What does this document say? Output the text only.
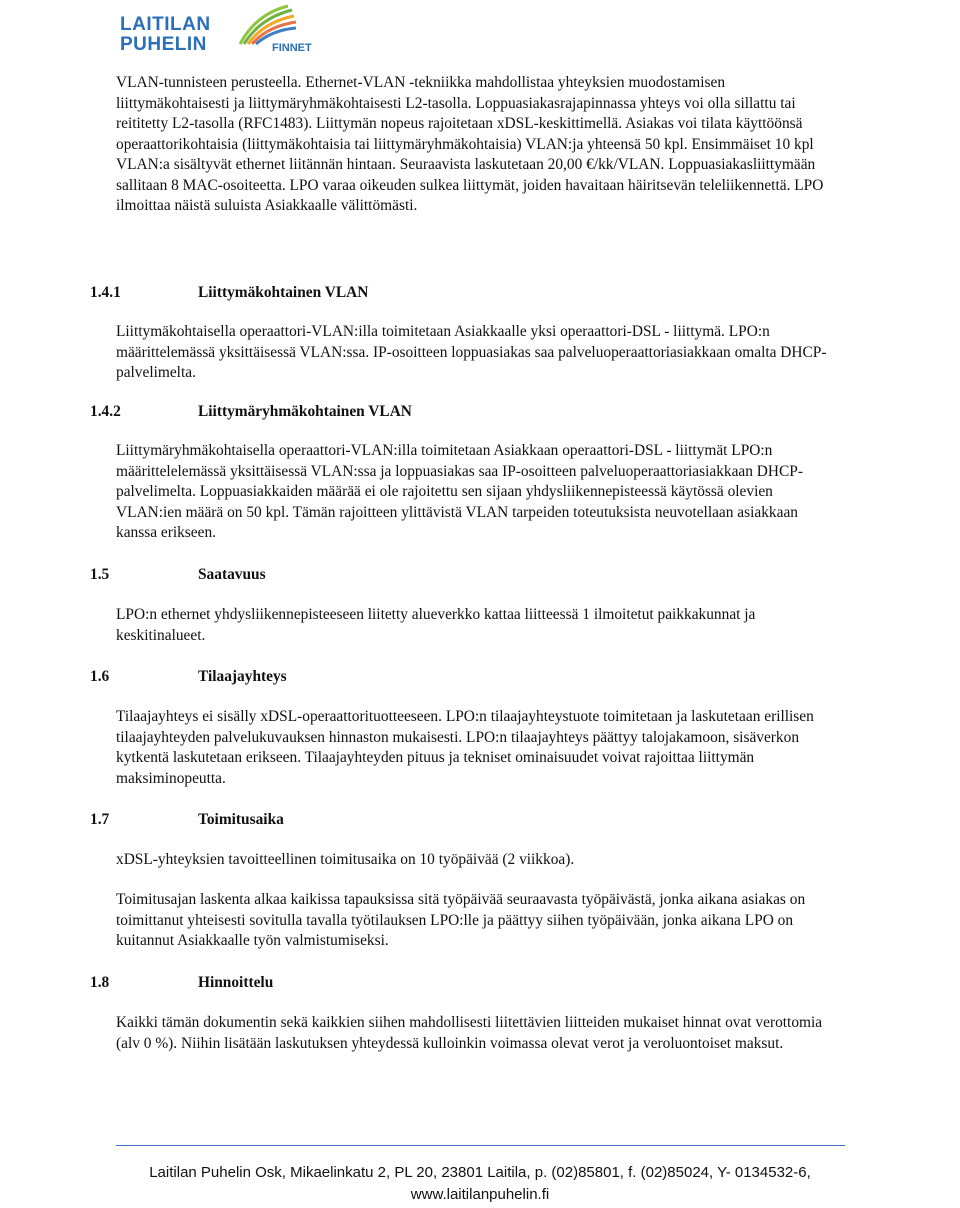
LAITILAN
PUHELIN	FINNET

VLAN-tunnisteen perusteella. Ethernet-VLAN -tekniikka mahdollistaa yhteyksien muodostamisen liittymäkohtaisesti ja liittymäryhmäkohtaisesti L2-tasolla. Loppuasiakasrajapinnassa yhteys voi olla sillattu tai reititetty L2-tasolla (RFC1483). Liittymän nopeus rajoitetaan xDSL-keskittimellä. Asiakas voi tilata käyttöönsä operaattorikohtaisia (liittymäkohtaisia tai liittymäryhmäkohtaisia) VLAN:ja yhteensä 50 kpl. Ensimmäiset 10 kpl VLAN:a sisältyvät ethernet liitännän hintaan. Seuraavista laskutetaan 20,00 €/kk/VLAN. Loppuasiakasliittymään sallitaan 8 MAC-osoiteetta. LPO varaa oikeuden sulkea liittymät, joiden havaitaan häiritsevän teleliikennettä. LPO ilmoittaa näistä suluista Asiakkaalle välittömästi.

1.4.1	Liittymäkohtainen VLAN

Liittymäkohtaisella operaattori-VLAN:illa toimitetaan Asiakkaalle yksi operaattori-DSL - liittymä. LPO:n määrittelemässä yksittäisessä VLAN:ssa. IP-osoitteen loppuasiakas saa palveluoperaattoriasiakkaan omalta DHCP-palvelimelta.

1.4.2	Liittymäryhmäkohtainen VLAN

Liittymäryhmäkohtaisella operaattori-VLAN:illa toimitetaan Asiakkaan operaattori-DSL - liittymät LPO:n määrittelelemässä yksittäisessä VLAN:ssa ja loppuasiakas saa IP-osoitteen palveluoperaattoriasiakkaan DHCP-palvelimelta. Loppuasiakkaiden määrää ei ole rajoitettu sen sijaan yhdysliikennepisteessä käytössä olevien VLAN:ien määrä on 50 kpl. Tämän rajoitteen ylittävistä VLAN tarpeiden toteutuksista neuvotellaan asiakkaan kanssa erikseen.

1.5	Saatavuus

LPO:n ethernet yhdysliikennepisteeseen liitetty alueverkko kattaa liitteessä 1 ilmoitetut paikkakunnat ja keskitinalueet.

1.6	Tilaajayhteys

Tilaajayhteys ei sisälly xDSL-operaattorituotteeseen. LPO:n tilaajayhteystuote toimitetaan ja laskutetaan erillisen tilaajayhteyden palvelukuvauksen hinnaston mukaisesti. LPO:n tilaajayhteys päättyy talojakamoon, sisäverkon kytkentä laskutetaan erikseen. Tilaajayhteyden pituus ja tekniset ominaisuudet voivat rajoittaa liittymän maksiminopeutta.

1.7	Toimitusaika

xDSL-yhteyksien tavoitteellinen toimitusaika on 10 työpäivää (2 viikkoa).

Toimitusajan laskenta alkaa kaikissa tapauksissa sitä työpäivää seuraavasta työpäivästä, jonka aikana asiakas on toimittanut yhteisesti sovitulla tavalla työtilauksen LPO:lle ja päättyy siihen työpäivään, jonka aikana LPO on kuitannut Asiakkaalle työn valmistumiseksi.

1.8	Hinnoittelu

Kaikki tämän dokumentin sekä kaikkien siihen mahdollisesti liitettävien liitteiden mukaiset hinnat ovat verottomia (alv 0 %). Niihin lisätään laskutuksen yhteydessä kulloinkin voimassa olevat verot ja veroluontoiset maksut.

Laitilan Puhelin Osk, Mikaelinkatu 2, PL 20, 23801 Laitila, p. (02)85801, f. (02)85024, Y- 0134532-6,
www.laitilanpuhelin.fi
